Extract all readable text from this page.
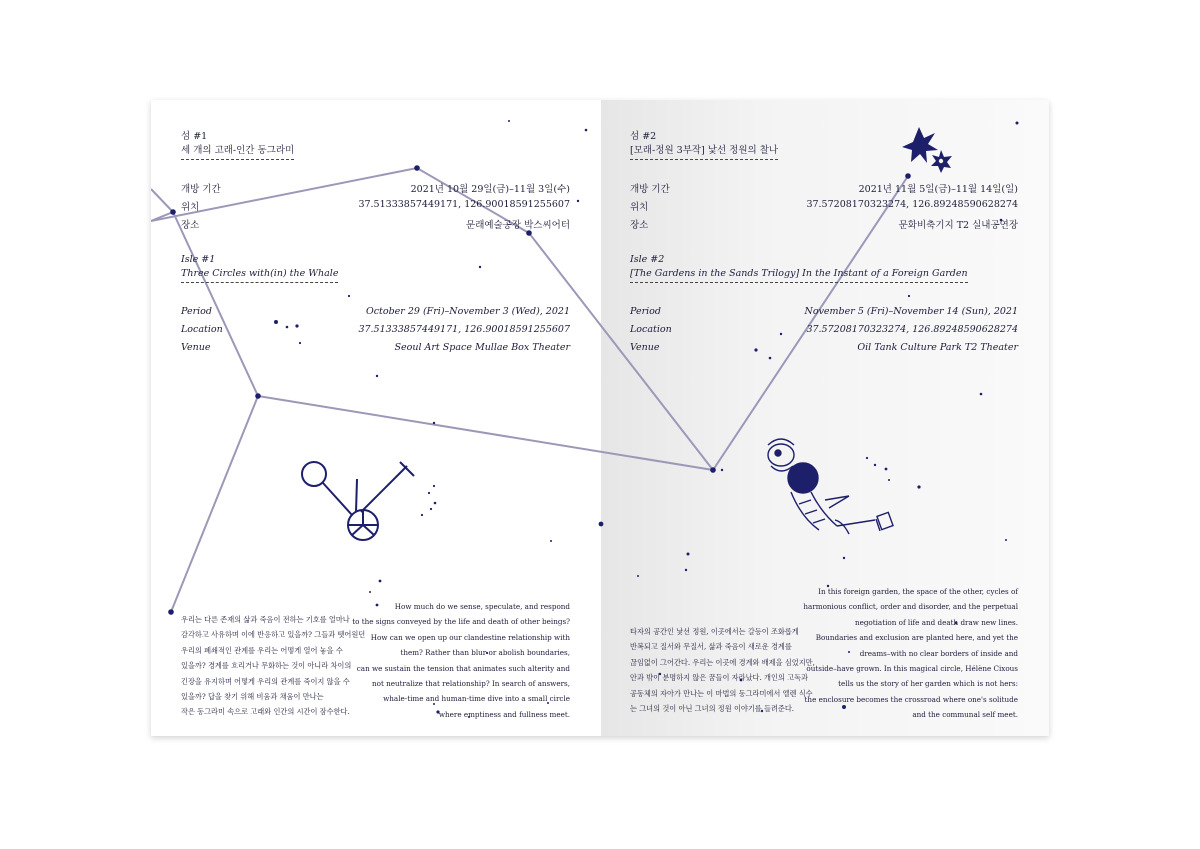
섬 #1
세 개의 고래-인간 동그라미
개방 기간	2021년 10월 29일(금)–11월 3일(수)
위치	37.51333857449171, 126.90018591255607
장소	문래예술공장 박스씨어터
Isle #1
Three Circles with(in) the Whale
Period	October 29 (Fri)–November 3 (Wed), 2021
Location	37.51333857449171, 126.90018591255607
Venue	Seoul Art Space Mullae Box Theater
우리는 다른 존재의 삶과 죽음이 전하는 기호를 얼마나
감각하고 사유하며 이에 반응하고 있을까? 그들과 뗏어원던
우리의 폐쇄적인 관계를 우리는 어떻게 열어 놓을 수
있을까? 경계를 흐리거나 무화하는 것이 아니라 차이의
긴장을 유지하며 어떻게 우리의 관계를 죽이지 않을 수
있을까? 답을 찾기 위해 비움과 채움이 만나는
작은 동그라미 속으로 고래와 인간의 시간이 잠수한다.
How much do we sense, speculate, and respond
to the signs conveyed by the life and death of other beings?
How can we open up our clandestine relationship with
them? Rather than blur or abolish boundaries,
can we sustain the tension that animates such alterity and
not neutralize that relationship? In search of answers,
whale-time and human-time dive into a small circle
where emptiness and fullness meet.
섬 #2
[모래-정원 3부작] 낯선 정원의 찰나
개방 기간	2021년 11월 5일(금)–11월 14일(일)
위치	37.57208170323274, 126.89248590628274
장소	문화비축기지 T2 실내공연장
Isle #2
[The Gardens in the Sands Trilogy] In the Instant of a Foreign Garden
Period	November 5 (Fri)–November 14 (Sun), 2021
Location	37.57208170323274, 126.89248590628274
Venue	Oil Tank Culture Park T2 Theater
타자의 공간인 낯선 정원, 이곳에서는 갈등이 조화롭게
반복되고 질서와 무질서, 삶과 죽음이 새로운 경계를
끊임없이 그어간다. 우리는 이곳에 경계와 배제을 심었지만,
안과 밖이 분명하지 않은 꿈들이 자라났다. 개인의 고독과
공동체의 자아가 만나는 이 마법의 동그라미에서 엘렌 식수
는 그녀의 것이 아닌 그녀의 정원 이야기를 들려준다.
In this foreign garden, the space of the other, cycles of
harmonious conflict, order and disorder, and the perpetual
negotiation of life and death draw new lines.
Boundaries and exclusion are planted here, and yet the
dreams–with no clear borders of inside and
outside–have grown. In this magical circle, Hélène Cixous
tells us the story of her garden which is not hers:
the enclosure becomes the crossroad where one's solitude
and the communal self meet.
